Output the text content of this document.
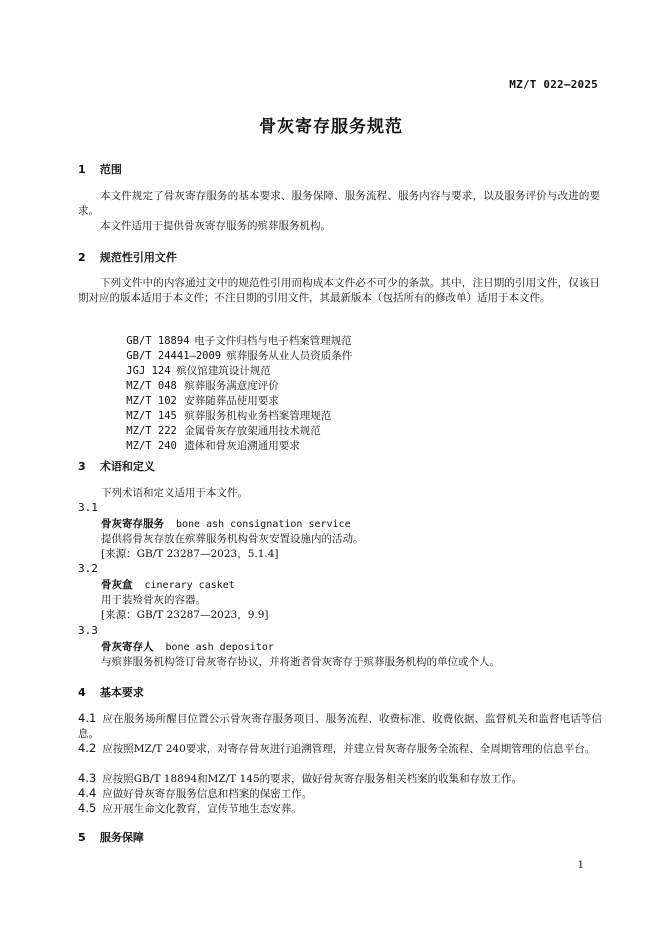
MZ/T 022—2025
骨灰寄存服务规范
1 范围
本文件规定了骨灰寄存服务的基本要求、服务保障、服务流程、服务内容与要求，以及服务评价与改进的要求。
本文件适用于提供骨灰寄存服务的殡葬服务机构。
2 规范性引用文件
下列文件中的内容通过文中的规范性引用而构成本文件必不可少的条款。其中，注日期的引用文件，仅该日期对应的版本适用于本文件；不注日期的引用文件，其最新版本（包括所有的修改单）适用于本文件。

GB/T 18894 电子文件归档与电子档案管理规范

GB/T 24441—2009 殡葬服务从业人员资质条件

JGJ 124 殡仪馆建筑设计规范

MZ/T 048 殡葬服务满意度评价

MZ/T 102 安葬随葬品使用要求

MZ/T 145 殡葬服务机构业务档案管理规范

MZ/T 222 金属骨灰存放架通用技术规范

MZ/T 240 遗体和骨灰追溯通用要求

3 术语和定义
下列术语和定义适用于本文件。
3.1
骨灰寄存服务 bone ash consignation service
提供将骨灰存放在殡葬服务机构骨灰安置设施内的活动。
[来源：GB/T 23287—2023，5.1.4]
3.2
骨灰盒 cinerary casket
用于装殓骨灰的容器。
[来源：GB/T 23287—2023，9.9]
3.3
骨灰寄存人 bone ash depositor
与殡葬服务机构签订骨灰寄存协议，并将逝者骨灰寄存于殡葬服务机构的单位或个人。
4 基本要求
4.1 应在服务场所醒目位置公示骨灰寄存服务项目、服务流程、收费标准、收费依据、监督机关和监督电话等信息。
4.2 应按照MZ/T 240要求，对寄存骨灰进行追溯管理，并建立骨灰寄存服务全流程、全周期管理的信息平台。
4.3 应按照GB/T 18894和MZ/T 145的要求，做好骨灰寄存服务相关档案的收集和存放工作。
4.4 应做好骨灰寄存服务信息和档案的保密工作。
4.5 应开展生命文化教育，宣传节地生态安葬。
5 服务保障
1
